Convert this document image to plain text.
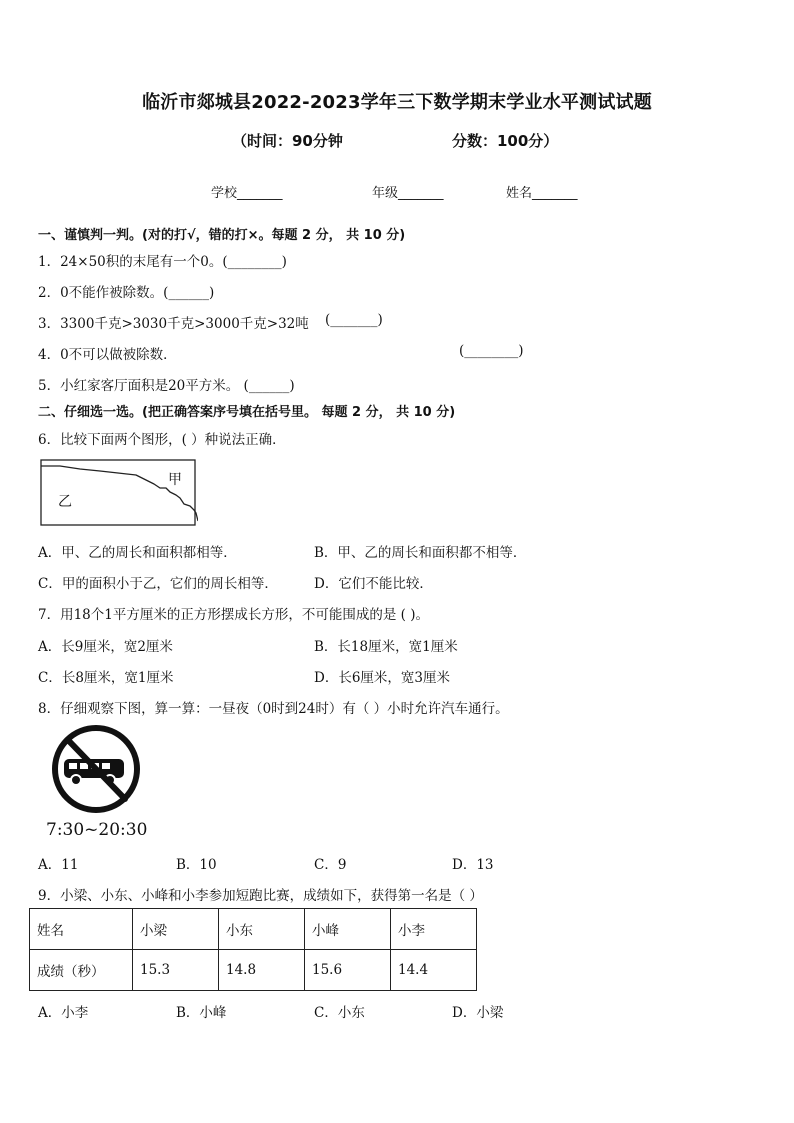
临沂市郯城县2022-2023学年三下数学期末学业水平测试试题
（时间：90分钟	分数：100分）
学校_______	年级_______	姓名_______
一、谨慎判一判。(对的打√，错的打×。每题 2 分， 共 10 分)
1．24×50积的末尾有一个0。(________)
2．0不能作被除数。(______)
3．3300千克>3030千克>3000千克>32吨 (_______)
4．0不可以做被除数．	(________)
5．小红家客厅面积是20平方米。 (______)
二、仔细选一选。(把正确答案序号填在括号里。 每题 2 分， 共 10 分)
6．比较下面两个图形，( ）种说法正确．
甲
乙
A．甲、乙的周长和面积都相等．	B．甲、乙的周长和面积都不相等．
C．甲的面积小于乙，它们的周长相等．	D．它们不能比较．
7．用18个1平方厘米的正方形摆成长方形，不可能围成的是 ( )。
A．长9厘米，宽2厘米	B．长18厘米，宽1厘米
C．长8厘米，宽1厘米	D．长6厘米，宽3厘米
8．仔细观察下图，算一算：一昼夜（0时到24时）有（ ）小时允许汽车通行。
7:30~20:30
A．11	B．10	C．9	D．13
9．小梁、小东、小峰和小李参加短跑比赛，成绩如下，获得第一名是（ ）
姓名	小梁	小东	小峰	小李
成绩（秒）	15.3	14.8	15.6	14.4
A．小李	B．小峰	C．小东	D．小梁
